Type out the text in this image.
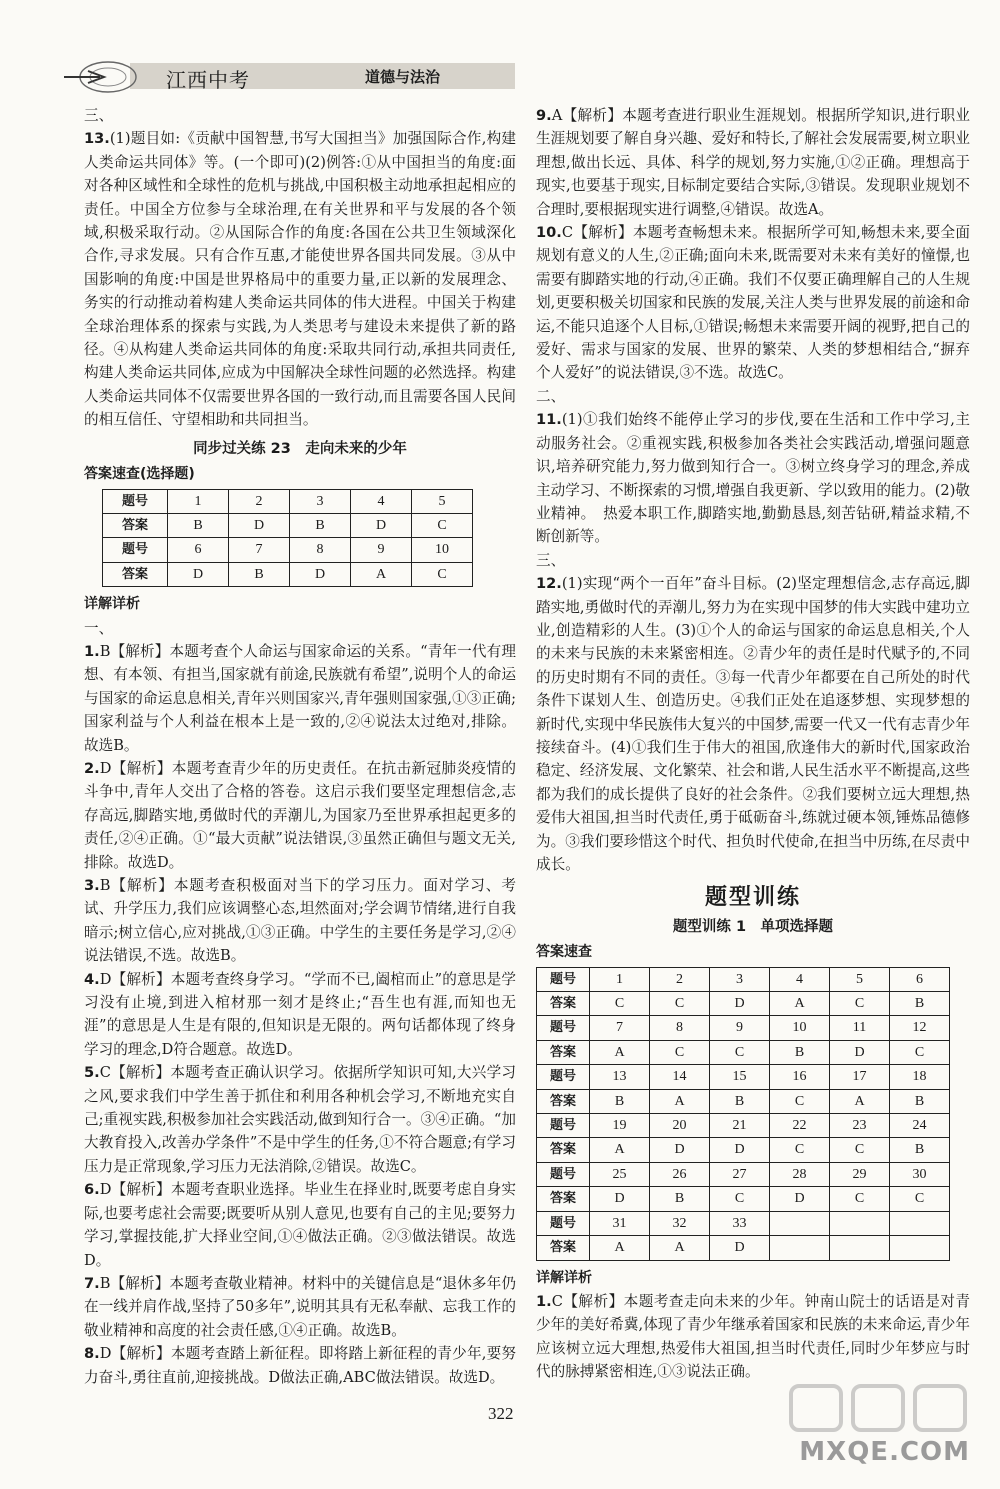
江西中考	道德与法治

三、

13.(1)题目如:《贡献中国智慧,书写大国担当》加强国际合作,构建人类命运共同体》等。(一个即可)(2)例答:①从中国担当的角度:面对各种区域性和全球性的危机与挑战,中国积极主动地承担起相应的责任。中国全方位参与全球治理,在有关世界和平与发展的各个领域,积极采取行动。②从国际合作的角度:各国在公共卫生领域深化合作,寻求发展。只有合作互惠,才能使世界各国共同发展。③从中国影响的角度:中国是世界格局中的重要力量,正以新的发展理念、务实的行动推动着构建人类命运共同体的伟大进程。中国关于构建全球治理体系的探索与实践,为人类思考与建设未来提供了新的路径。④从构建人类命运共同体的角度:采取共同行动,承担共同责任,构建人类命运共同体,应成为中国解决全球性问题的必然选择。构建人类命运共同体不仅需要世界各国的一致行动,而且需要各国人民间的相互信任、守望相助和共同担当。

同步过关练 23　走向未来的少年

答案速查(选择题)

题号	1	2	3	4	5
答案	B	D	B	D	C
题号	6	7	8	9	10
答案	D	B	D	A	C

详解详析

一、

1.B【解析】本题考查个人命运与国家命运的关系。“青年一代有理想、有本领、有担当,国家就有前途,民族就有希望”,说明个人的命运与国家的命运息息相关,青年兴则国家兴,青年强则国家强,①③正确;国家利益与个人利益在根本上是一致的,②④说法太过绝对,排除。故选B。

2.D【解析】本题考查青少年的历史责任。在抗击新冠肺炎疫情的斗争中,青年人交出了合格的答卷。这启示我们要坚定理想信念,志存高远,脚踏实地,勇做时代的弄潮儿,为国家乃至世界承担起更多的责任,②④正确。①“最大贡献”说法错误,③虽然正确但与题文无关,排除。故选D。

3.B【解析】本题考查积极面对当下的学习压力。面对学习、考试、升学压力,我们应该调整心态,坦然面对;学会调节情绪,进行自我暗示;树立信心,应对挑战,①③正确。中学生的主要任务是学习,②④说法错误,不选。故选B。

4.D【解析】本题考查终身学习。“学而不已,阖棺而止”的意思是学习没有止境,到进入棺材那一刻才是终止;“吾生也有涯,而知也无涯”的意思是人生是有限的,但知识是无限的。两句话都体现了终身学习的理念,D符合题意。故选D。

5.C【解析】本题考查正确认识学习。依据所学知识可知,大兴学习之风,要求我们中学生善于抓住和利用各种机会学习,不断地充实自己;重视实践,积极参加社会实践活动,做到知行合一。③④正确。“加大教育投入,改善办学条件”不是中学生的任务,①不符合题意;有学习压力是正常现象,学习压力无法消除,②错误。故选C。

6.D【解析】本题考查职业选择。毕业生在择业时,既要考虑自身实际,也要考虑社会需要;既要听从别人意见,也要有自己的主见;要努力学习,掌握技能,扩大择业空间,①④做法正确。②③做法错误。故选D。

7.B【解析】本题考查敬业精神。材料中的关键信息是“退休多年仍在一线并肩作战,坚持了50多年”,说明其具有无私奉献、忘我工作的敬业精神和高度的社会责任感,①④正确。故选B。

8.D【解析】本题考查踏上新征程。即将踏上新征程的青少年,要努力奋斗,勇往直前,迎接挑战。D做法正确,ABC做法错误。故选D。

9.A【解析】本题考查进行职业生涯规划。根据所学知识,进行职业生涯规划要了解自身兴趣、爱好和特长,了解社会发展需要,树立职业理想,做出长远、具体、科学的规划,努力实施,①②正确。理想高于现实,也要基于现实,目标制定要结合实际,③错误。发现职业规划不合理时,要根据现实进行调整,④错误。故选A。

10.C【解析】本题考查畅想未来。根据所学可知,畅想未来,要全面规划有意义的人生,②正确;面向未来,既需要对未来有美好的憧憬,也需要有脚踏实地的行动,④正确。我们不仅要正确理解自己的人生规划,更要积极关切国家和民族的发展,关注人类与世界发展的前途和命运,不能只追逐个人目标,①错误;畅想未来需要开阔的视野,把自己的爱好、需求与国家的发展、世界的繁荣、人类的梦想相结合,“摒弃个人爱好”的说法错误,③不选。故选C。

二、

11.(1)①我们始终不能停止学习的步伐,要在生活和工作中学习,主动服务社会。②重视实践,积极参加各类社会实践活动,增强问题意识,培养研究能力,努力做到知行合一。③树立终身学习的理念,养成主动学习、不断探索的习惯,增强自我更新、学以致用的能力。(2)敬业精神。　热爱本职工作,脚踏实地,勤勤恳恳,刻苦钻研,精益求精,不断创新等。

三、

12.(1)实现“两个一百年”奋斗目标。(2)坚定理想信念,志存高远,脚踏实地,勇做时代的弄潮儿,努力为在实现中国梦的伟大实践中建功立业,创造精彩的人生。(3)①个人的命运与国家的命运息息相关,个人的未来与民族的未来紧密相连。②青少年的责任是时代赋予的,不同的历史时期有不同的责任。③每一代青少年都要在自己所处的时代条件下谋划人生、创造历史。④我们正处在追逐梦想、实现梦想的新时代,实现中华民族伟大复兴的中国梦,需要一代又一代有志青少年接续奋斗。(4)①我们生于伟大的祖国,欣逢伟大的新时代,国家政治稳定、经济发展、文化繁荣、社会和谐,人民生活水平不断提高,这些都为我们的成长提供了良好的社会条件。②我们要树立远大理想,热爱伟大祖国,担当时代责任,勇于砥砺奋斗,练就过硬本领,锤炼品德修为。③我们要珍惜这个时代、担负时代使命,在担当中历练,在尽责中成长。

题型训练
题型训练 1　单项选择题

答案速查

题号	1	2	3	4	5	6
答案	C	C	D	A	C	B
题号	7	8	9	10	11	12
答案	A	C	C	B	D	C
题号	13	14	15	16	17	18
答案	B	A	B	C	A	B
题号	19	20	21	22	23	24
答案	A	D	D	C	C	B
题号	25	26	27	28	29	30
答案	D	B	C	D	C	C
题号	31	32	33			
答案	A	A	D			

详解详析

1.C【解析】本题考查走向未来的少年。钟南山院士的话语是对青少年的美好希冀,体现了青少年继承着国家和民族的未来命运,青少年应该树立远大理想,热爱伟大祖国,担当时代责任,同时少年梦应与时代的脉搏紧密相连,①③说法正确。

322
MXQE.COM
